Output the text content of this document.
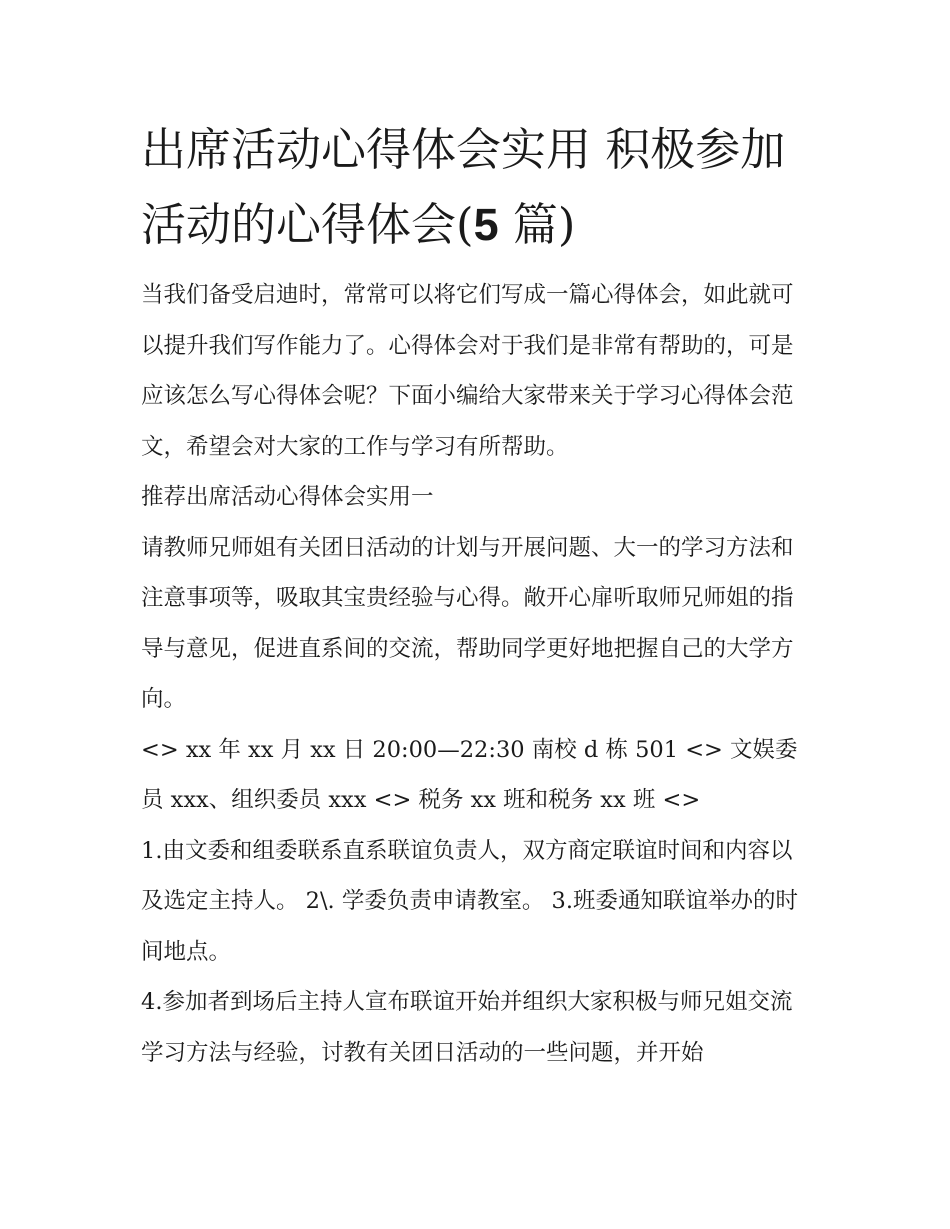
出席活动心得体会实用 积极参加活动的心得体会(5 篇)

当我们备受启迪时，常常可以将它们写成一篇心得体会，如此就可以提升我们写作能力了。心得体会对于我们是非常有帮助的，可是应该怎么写心得体会呢？下面小编给大家带来关于学习心得体会范文，希望会对大家的工作与学习有所帮助。

推荐出席活动心得体会实用一

请教师兄师姐有关团日活动的计划与开展问题、大一的学习方法和注意事项等，吸取其宝贵经验与心得。敞开心扉听取师兄师姐的指导与意见，促进直系间的交流，帮助同学更好地把握自己的大学方向。

<> xx 年 xx 月 xx 日 20:00—22:30 南校 d 栋 501 <> 文娱委员 xxx、组织委员 xxx <> 税务 xx 班和税务 xx 班 <>

1.由文委和组委联系直系联谊负责人，双方商定联谊时间和内容以及选定主持人。 2\. 学委负责申请教室。 3.班委通知联谊举办的时间地点。

4.参加者到场后主持人宣布联谊开始并组织大家积极与师兄姐交流学习方法与经验，讨教有关团日活动的一些问题，并开始
